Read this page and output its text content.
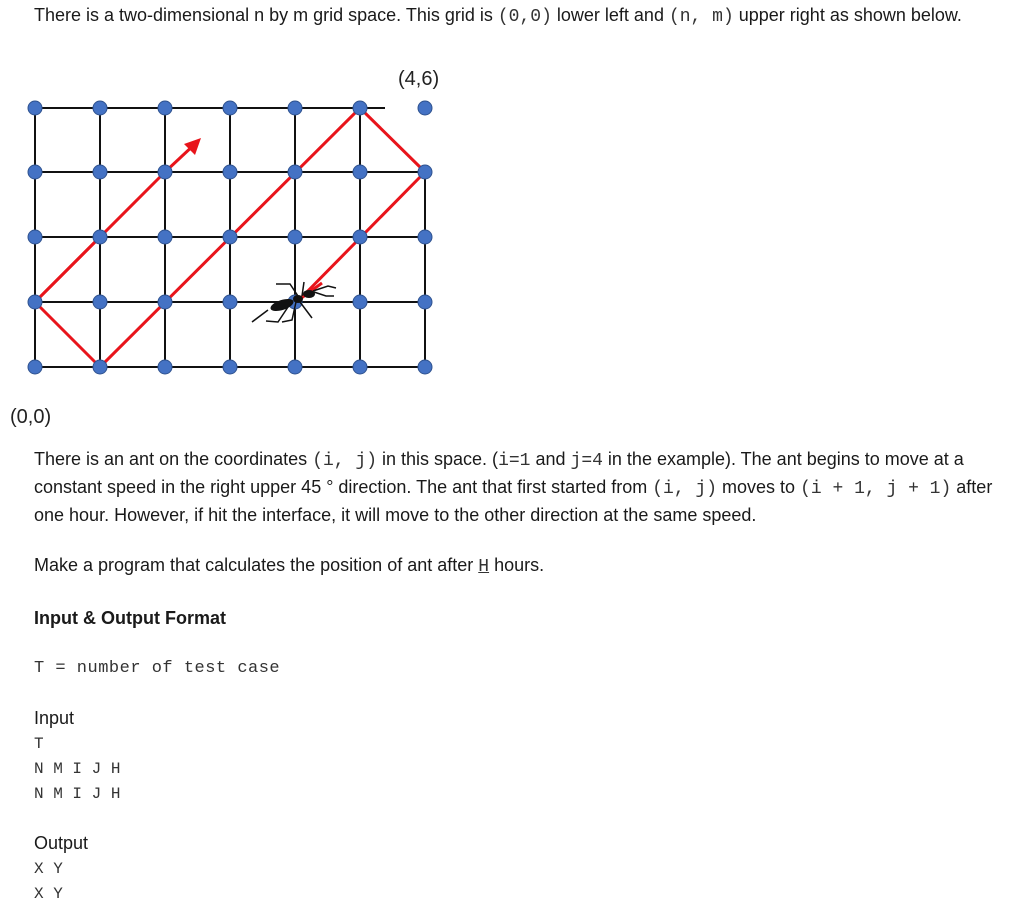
There is a two-dimensional n by m grid space. This grid is (0,0) lower left and (n, m) upper right as shown below.
(4,6)
(0,0)
There is an ant on the coordinates (i, j) in this space. (i=1 and j=4 in the example). The ant begins to move at a constant speed in the right upper 45 ° direction. The ant that first started from (i, j) moves to (i + 1, j + 1) after one hour. However, if hit the interface, it will move to the other direction at the same speed.
Make a program that calculates the position of ant after H hours.
Input & Output Format
T = number of test case
Input
T
N M I J H
N M I J H
Output
X Y
X Y
